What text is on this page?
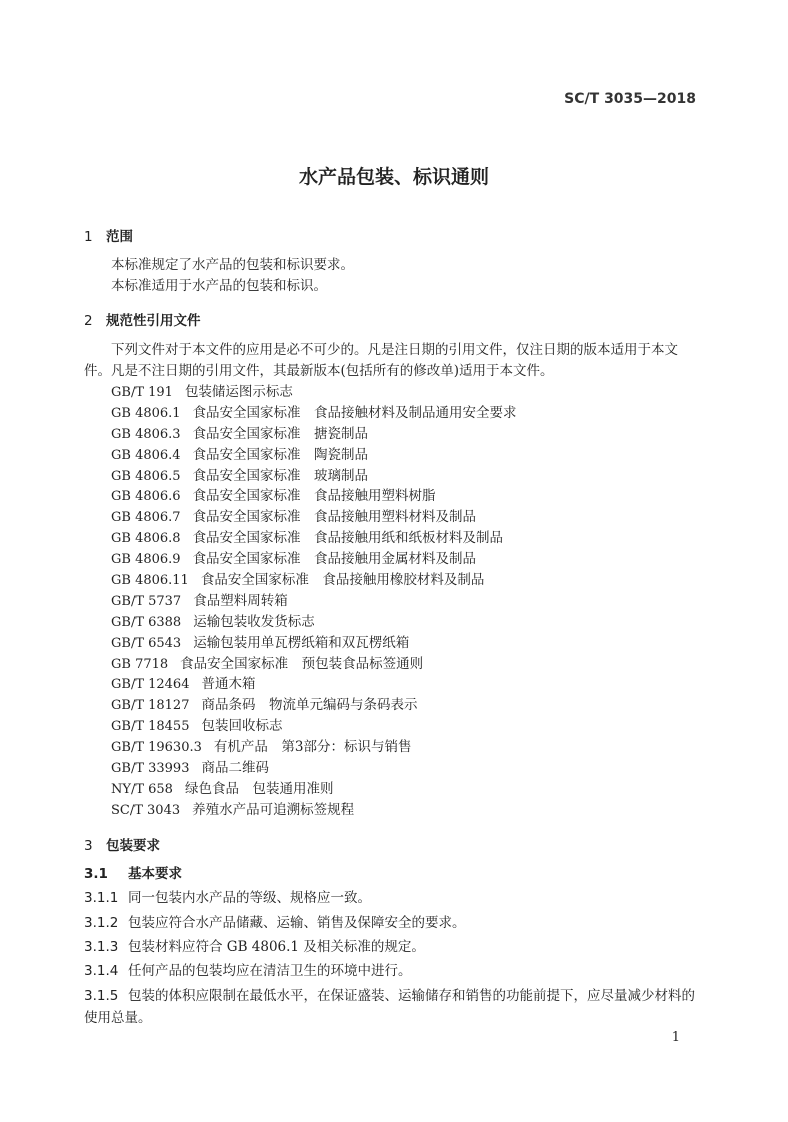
SC/T 3035—2018
水产品包装、标识通则
1 范围
本标准规定了水产品的包装和标识要求。
本标准适用于水产品的包装和标识。
2 规范性引用文件
下列文件对于本文件的应用是必不可少的。凡是注日期的引用文件，仅注日期的版本适用于本文件。凡是不注日期的引用文件，其最新版本(包括所有的修改单)适用于本文件。
GB/T 191 包装储运图示标志
GB 4806.1 食品安全国家标准　食品接触材料及制品通用安全要求
GB 4806.3 食品安全国家标准　搪瓷制品
GB 4806.4 食品安全国家标准　陶瓷制品
GB 4806.5 食品安全国家标准　玻璃制品
GB 4806.6 食品安全国家标准　食品接触用塑料树脂
GB 4806.7 食品安全国家标准　食品接触用塑料材料及制品
GB 4806.8 食品安全国家标准　食品接触用纸和纸板材料及制品
GB 4806.9 食品安全国家标准　食品接触用金属材料及制品
GB 4806.11 食品安全国家标准　食品接触用橡胶材料及制品
GB/T 5737 食品塑料周转箱
GB/T 6388 运输包装收发货标志
GB/T 6543 运输包装用单瓦楞纸箱和双瓦楞纸箱
GB 7718 食品安全国家标准　预包装食品标签通则
GB/T 12464 普通木箱
GB/T 18127 商品条码　物流单元编码与条码表示
GB/T 18455 包装回收标志
GB/T 19630.3 有机产品　第3部分：标识与销售
GB/T 33993 商品二维码
NY/T 658 绿色食品　包装通用准则
SC/T 3043 养殖水产品可追溯标签规程
3 包装要求
3.1 基本要求
3.1.1 同一包装内水产品的等级、规格应一致。
3.1.2 包装应符合水产品储藏、运输、销售及保障安全的要求。
3.1.3 包装材料应符合 GB 4806.1 及相关标准的规定。
3.1.4 任何产品的包装均应在清洁卫生的环境中进行。
3.1.5 包装的体积应限制在最低水平，在保证盛装、运输储存和销售的功能前提下，应尽量减少材料的使用总量。
1
